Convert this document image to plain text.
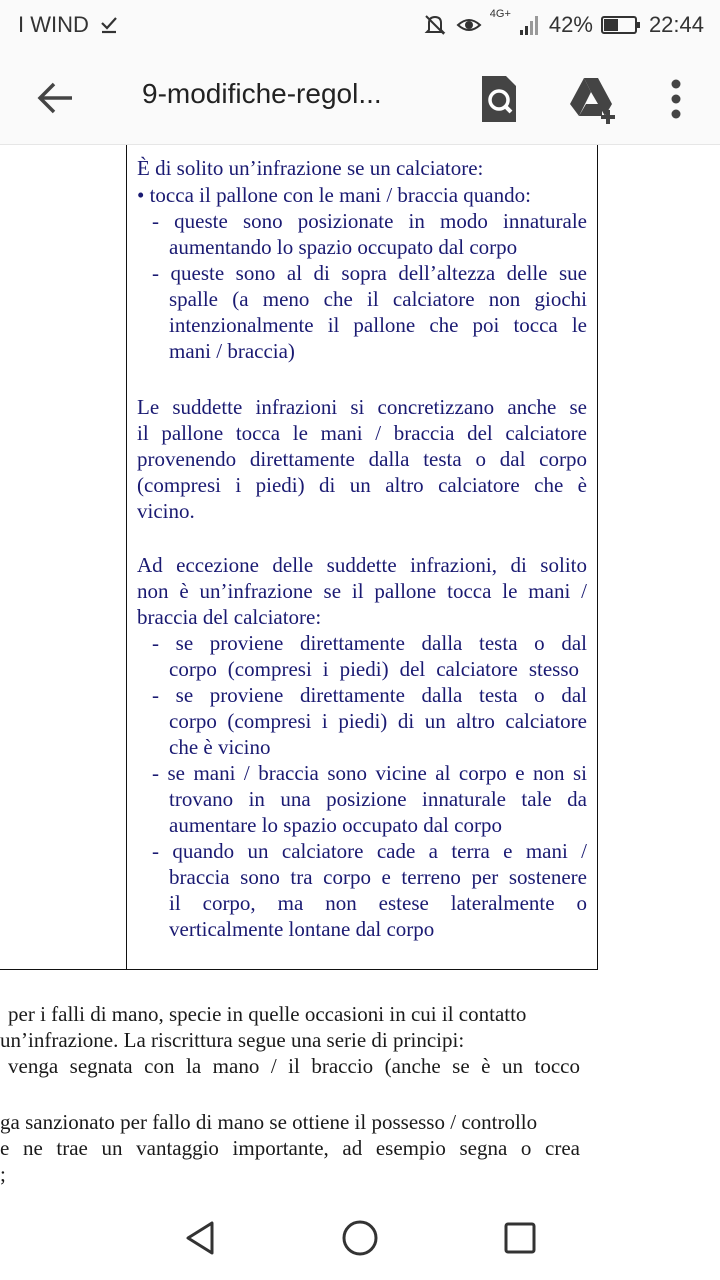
I WIND	4G+ 42%	22:44
9-modifiche-regol...
È di solito un’infrazione se un calciatore:
• tocca il pallone con le mani / braccia quando:
- queste sono posizionate in modo innaturale
aumentando lo spazio occupato dal corpo
- queste sono al di sopra dell’altezza delle sue
spalle (a meno che il calciatore non giochi
intenzionalmente il pallone che poi tocca le
mani / braccia)
Le suddette infrazioni si concretizzano anche se
il pallone tocca le mani / braccia del calciatore
provenendo direttamente dalla testa o dal corpo
(compresi i piedi) di un altro calciatore che è
vicino.
Ad eccezione delle suddette infrazioni, di solito
non è un’infrazione se il pallone tocca le mani /
braccia del calciatore:
- se proviene direttamente dalla testa o dal
corpo (compresi i piedi) del calciatore stesso
- se proviene direttamente dalla testa o dal
corpo (compresi i piedi) di un altro calciatore
che è vicino
- se mani / braccia sono vicine al corpo e non si
trovano in una posizione innaturale tale da
aumentare lo spazio occupato dal corpo
- quando un calciatore cade a terra e mani /
braccia sono tra corpo e terreno per sostenere
il corpo, ma non estese lateralmente o
verticalmente lontane dal corpo
per i falli di mano, specie in quelle occasioni in cui il contatto
un’infrazione. La riscrittura segue una serie di principi:
venga segnata con la mano / il braccio (anche se è un tocco
ga sanzionato per fallo di mano se ottiene il possesso / controllo
e ne trae un vantaggio importante, ad esempio segna o crea
;
